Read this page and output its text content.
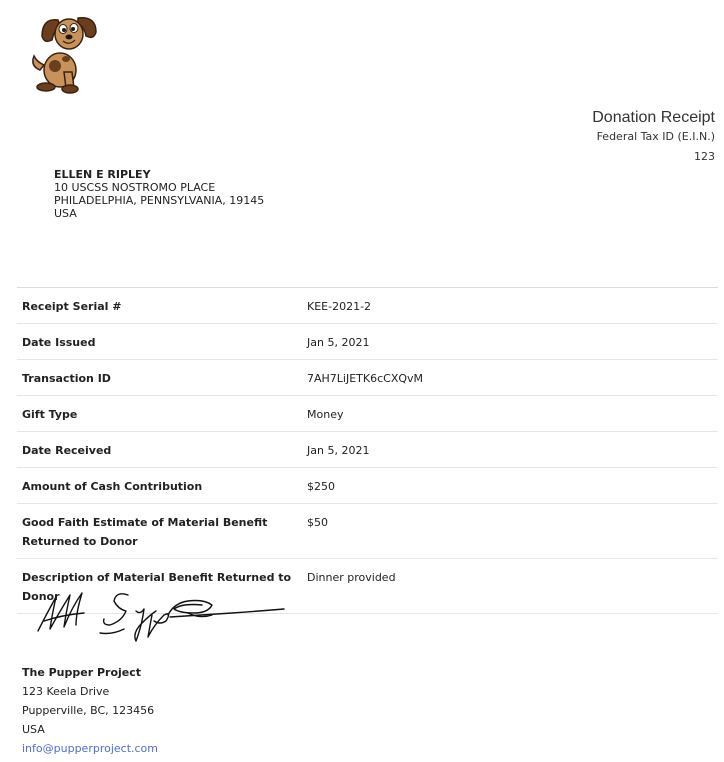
Donation Receipt
Federal Tax ID (E.I.N.)
123
ELLEN E RIPLEY
10 USCSS NOSTROMO PLACE
PHILADELPHIA, PENNSYLVANIA, 19145
USA
Receipt Serial #	KEE-2021-2
Date Issued	Jan 5, 2021
Transaction ID	7AH7LiJETK6cCXQvM
Gift Type	Money
Date Received	Jan 5, 2021
Amount of Cash Contribution	$250
Good Faith Estimate of Material Benefit Returned to Donor	$50
Description of Material Benefit Returned to Donor	Dinner provided
The Pupper Project
123 Keela Drive
Pupperville, BC, 123456
USA
info@pupperproject.com
